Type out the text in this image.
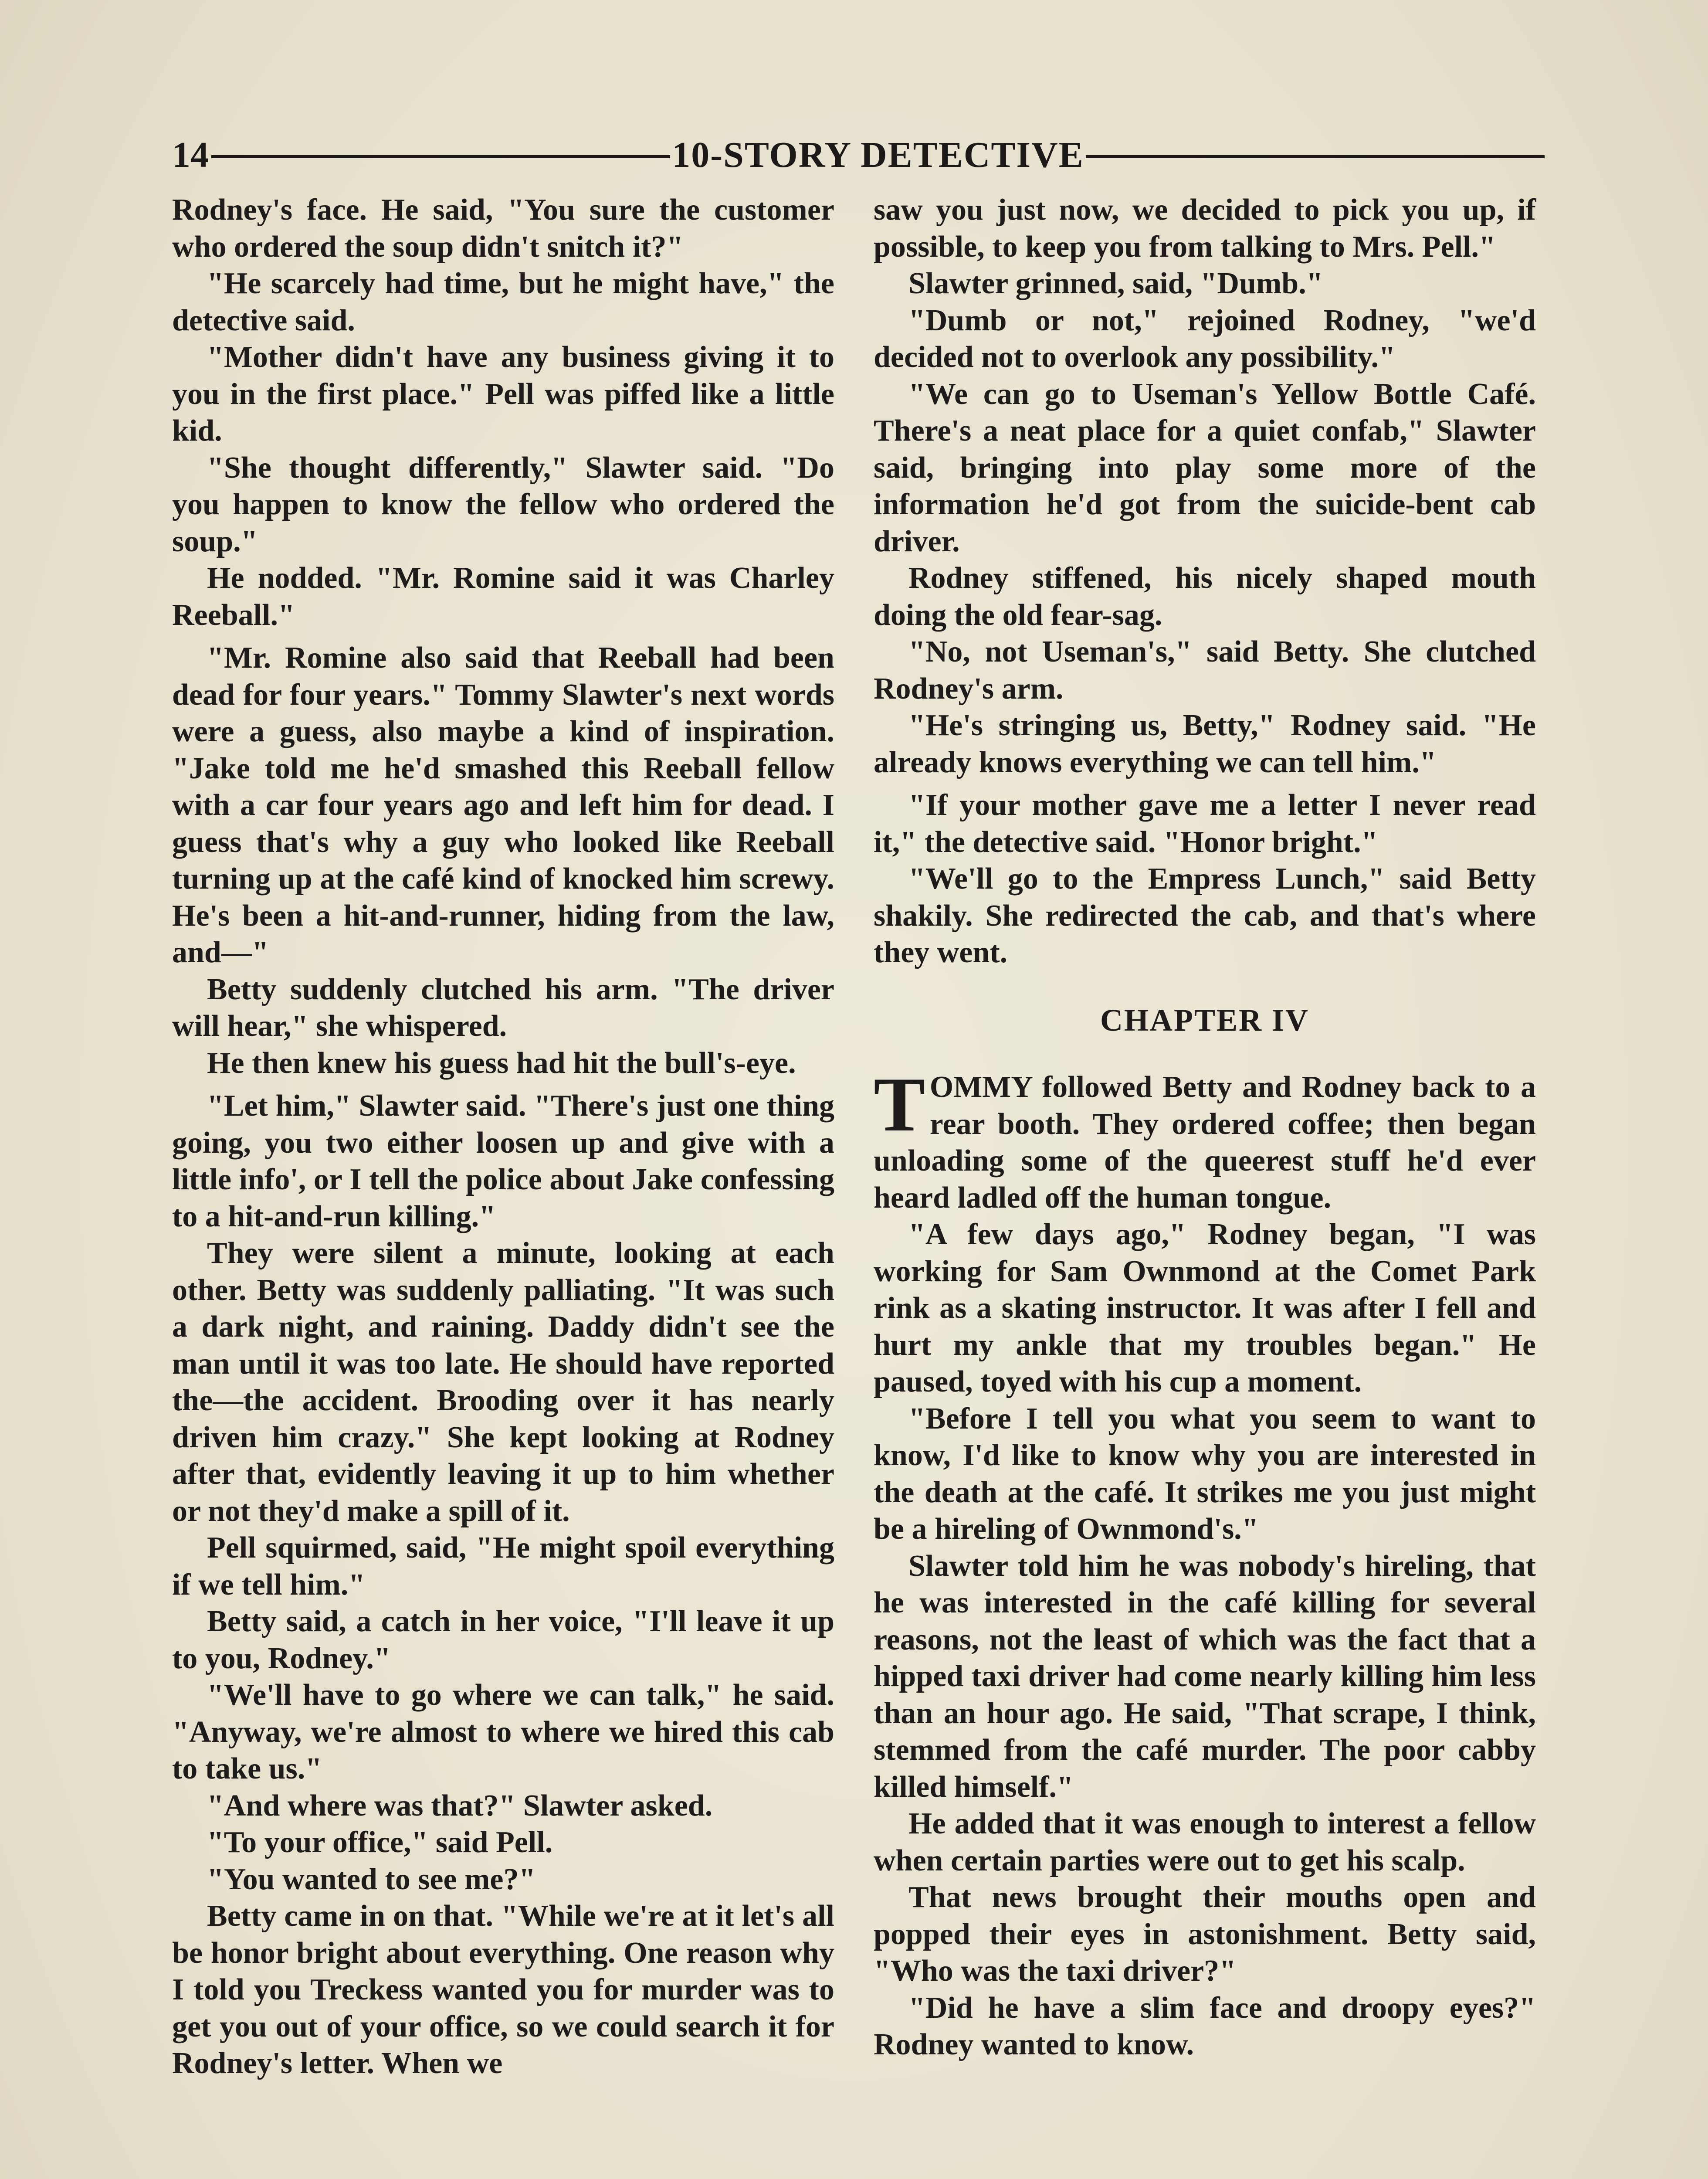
14	10-STORY DETECTIVE

Rodney's face. He said, "You sure the customer who ordered the soup didn't snitch it?"

"He scarcely had time, but he might have," the detective said.

"Mother didn't have any business giving it to you in the first place." Pell was piffed like a little kid.

"She thought differently," Slawter said. "Do you happen to know the fellow who ordered the soup."

He nodded. "Mr. Romine said it was Charley Reeball."

"Mr. Romine also said that Reeball had been dead for four years." Tommy Slawter's next words were a guess, also maybe a kind of inspiration. "Jake told me he'd smashed this Reeball fellow with a car four years ago and left him for dead. I guess that's why a guy who looked like Reeball turning up at the café kind of knocked him screwy. He's been a hit-and-runner, hiding from the law, and—"

Betty suddenly clutched his arm. "The driver will hear," she whispered.

He then knew his guess had hit the bull's-eye.

"Let him," Slawter said. "There's just one thing going, you two either loosen up and give with a little info', or I tell the police about Jake confessing to a hit-and-run killing."

They were silent a minute, looking at each other. Betty was suddenly palliating. "It was such a dark night, and raining. Daddy didn't see the man until it was too late. He should have reported the—the accident. Brooding over it has nearly driven him crazy." She kept looking at Rodney after that, evidently leaving it up to him whether or not they'd make a spill of it.

Pell squirmed, said, "He might spoil everything if we tell him."

Betty said, a catch in her voice, "I'll leave it up to you, Rodney."

"We'll have to go where we can talk," he said. "Anyway, we're almost to where we hired this cab to take us."

"And where was that?" Slawter asked.

"To your office," said Pell.

"You wanted to see me?"

Betty came in on that. "While we're at it let's all be honor bright about everything. One reason why I told you Treckess wanted you for murder was to get you out of your office, so we could search it for Rodney's letter. When we

saw you just now, we decided to pick you up, if possible, to keep you from talking to Mrs. Pell."

Slawter grinned, said, "Dumb."

"Dumb or not," rejoined Rodney, "we'd decided not to overlook any possibility."

"We can go to Useman's Yellow Bottle Café. There's a neat place for a quiet confab," Slawter said, bringing into play some more of the information he'd got from the suicide-bent cab driver.

Rodney stiffened, his nicely shaped mouth doing the old fear-sag.

"No, not Useman's," said Betty. She clutched Rodney's arm.

"He's stringing us, Betty," Rodney said. "He already knows everything we can tell him."

"If your mother gave me a letter I never read it," the detective said. "Honor bright."

"We'll go to the Empress Lunch," said Betty shakily. She redirected the cab, and that's where they went.

CHAPTER IV

TOMMY followed Betty and Rodney back to a rear booth. They ordered coffee; then began unloading some of the queerest stuff he'd ever heard ladled off the human tongue.

"A few days ago," Rodney began, "I was working for Sam Ownmond at the Comet Park rink as a skating instructor. It was after I fell and hurt my ankle that my troubles began." He paused, toyed with his cup a moment.

"Before I tell you what you seem to want to know, I'd like to know why you are interested in the death at the café. It strikes me you just might be a hireling of Ownmond's."

Slawter told him he was nobody's hireling, that he was interested in the café killing for several reasons, not the least of which was the fact that a hipped taxi driver had come nearly killing him less than an hour ago. He said, "That scrape, I think, stemmed from the café murder. The poor cabby killed himself."

He added that it was enough to interest a fellow when certain parties were out to get his scalp.

That news brought their mouths open and popped their eyes in astonishment. Betty said, "Who was the taxi driver?"

"Did he have a slim face and droopy eyes?" Rodney wanted to know.
